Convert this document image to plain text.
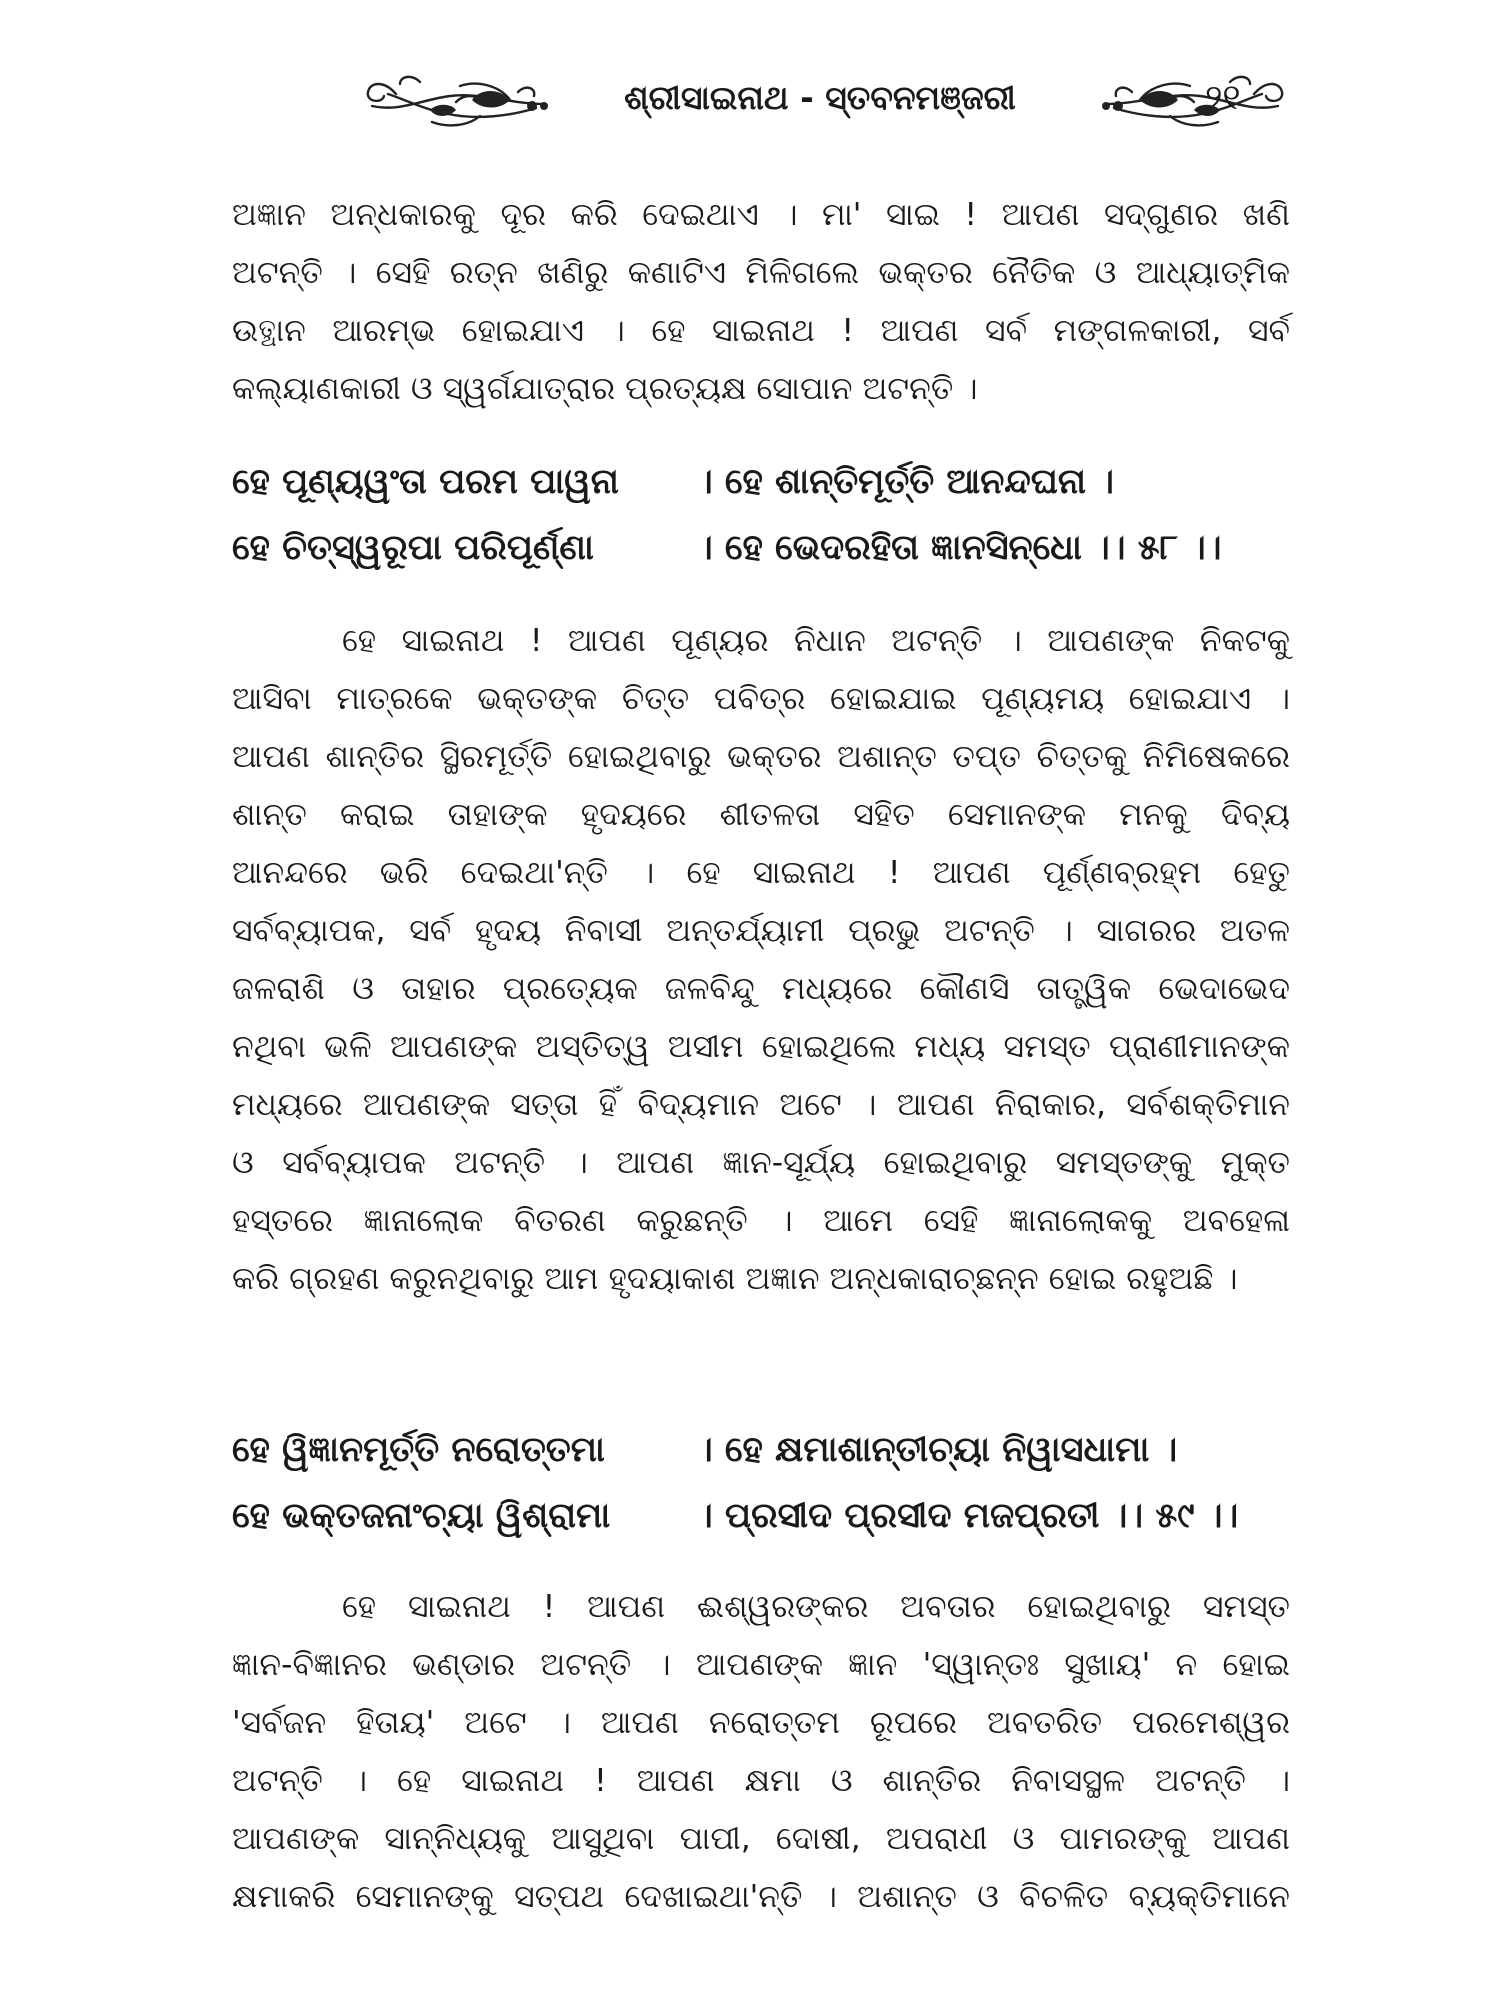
ଶ୍ରୀସାଇନାଥ - ସ୍ତବନମଞ୍ଜରୀ	୨୧
ଅଜ୍ଞାନ ଅନ୍ଧକାରକୁ ଦୂର କରି ଦେଇଥାଏ । ମା' ସାଇ ! ଆପଣ ସଦ୍‌ଗୁଣର ଖଣି
ଅଟନ୍ତି । ସେହି ରତ୍ନ ଖଣିରୁ କଣାଟିଏ ମିଳିଗଲେ ଭକ୍ତର ନୈତିକ ଓ ଆଧ୍ୟାତ୍ମିକ
ଉତ୍ଥାନ ଆରମ୍ଭ ହୋଇଯାଏ । ହେ ସାଇନାଥ ! ଆପଣ ସର୍ବ ମଙ୍ଗଳକାରୀ, ସର୍ବ
କଲ୍ୟାଣକାରୀ ଓ ସ୍ୱର୍ଗଯାତ୍ରାର ପ୍ରତ୍ୟକ୍ଷ ସୋପାନ ଅଟନ୍ତି ।
ହେ ପୂଣ୍ୟୱଂତା ପରମ ପାୱନା । ହେ ଶାନ୍ତିମୂର୍ତ୍ତି ଆନନ୍ଦଘନା ।
ହେ ଚିତ୍‌ସ୍ୱରୂପା ପରିପୂର୍ଣ୍ଣା	। ହେ ଭେଦରହିତା ଜ୍ଞାନସିନ୍ଧୋ ।। ୫୮ ।।
ହେ ସାଇନାଥ ! ଆପଣ ପୂଣ୍ୟର ନିଧାନ ଅଟନ୍ତି । ଆପଣଙ୍କ ନିକଟକୁ
ଆସିବା ମାତ୍ରକେ ଭକ୍ତଙ୍କ ଚିତ୍ତ ପବିତ୍ର ହୋଇଯାଇ ପୂଣ୍ୟମୟ ହୋଇଯାଏ ।
ଆପଣ ଶାନ୍ତିର ସ୍ଥିରମୂର୍ତ୍ତି ହୋଇଥିବାରୁ ଭକ୍ତର ଅଶାନ୍ତ ତପ୍ତ ଚିତ୍ତକୁ ନିମିଷେକରେ
ଶାନ୍ତ କରାଇ ତାହାଙ୍କ ହୃଦୟରେ ଶୀତଳତା ସହିତ ସେମାନଙ୍କ ମନକୁ ଦିବ୍ୟ
ଆନନ୍ଦରେ ଭରି ଦେଇଥା'ନ୍ତି । ହେ ସାଇନାଥ ! ଆପଣ ପୂର୍ଣ୍ଣବ୍ରହ୍ମ ହେତୁ
ସର୍ବବ୍ୟାପକ, ସର୍ବ ହୃଦୟ ନିବାସୀ ଅନ୍ତର୍ଯ୍ୟାମୀ ପ୍ରଭୁ ଅଟନ୍ତି । ସାଗରର ଅତଳ
ଜଳରାଶି ଓ ତାହାର ପ୍ରତ୍ୟେକ ଜଳବିନ୍ଦୁ ମଧ୍ୟରେ କୌଣସି ତାତ୍ତ୍ୱିକ ଭେଦାଭେଦ
ନଥିବା ଭଳି ଆପଣଙ୍କ ଅସ୍ତିତ୍ୱ ଅସୀମ ହୋଇଥିଲେ ମଧ୍ୟ ସମସ୍ତ ପ୍ରାଣୀମାନଙ୍କ
ମଧ୍ୟରେ ଆପଣଙ୍କ ସତ୍ତା ହିଁ ବିଦ୍ୟମାନ ଅଟେ । ଆପଣ ନିରାକାର, ସର୍ବଶକ୍ତିମାନ
ଓ ସର୍ବବ୍ୟାପକ ଅଟନ୍ତି । ଆପଣ ଜ୍ଞାନ-ସୂର୍ଯ୍ୟ ହୋଇଥିବାରୁ ସମସ୍ତଙ୍କୁ ମୁକ୍ତ
ହସ୍ତରେ ଜ୍ଞାନାଲୋକ ବିତରଣ କରୁଛନ୍ତି । ଆମେ ସେହି ଜ୍ଞାନାଲୋକକୁ ଅବହେଳା
କରି ଗ୍ରହଣ କରୁନଥିବାରୁ ଆମ ହୃଦୟାକାଶ ଅଜ୍ଞାନ ଅନ୍ଧକାରାଚ୍ଛନ୍ନ ହୋଇ ରହୁଅଛି ।
ହେ ୱିଜ୍ଞାନମୂର୍ତ୍ତି ନରୋତ୍ତମା	। ହେ କ୍ଷମାଶାନ୍ତୀଚ୍ୟା ନିୱାସଧାମା ।
ହେ ଭକ୍ତଜନାଂଚ୍ୟା ୱିଶ୍ରାମା । ପ୍ରସୀଦ ପ୍ରସୀଦ ମଜପ୍ରତୀ ।। ୫୯ ।।
ହେ ସାଇନାଥ ! ଆପଣ ଈଶ୍ୱରଙ୍କର ଅବତାର ହୋଇଥିବାରୁ ସମସ୍ତ
ଜ୍ଞାନ-ବିଜ୍ଞାନର ଭଣ୍ଡାର ଅଟନ୍ତି । ଆପଣଙ୍କ ଜ୍ଞାନ 'ସ୍ୱାନ୍ତଃ ସୁଖାୟ' ନ ହୋଇ
'ସର୍ବଜନ ହିତାୟ' ଅଟେ । ଆପଣ ନରୋତ୍ତମ ରୂପରେ ଅବତରିତ ପରମେଶ୍ୱର
ଅଟନ୍ତି । ହେ ସାଇନାଥ ! ଆପଣ କ୍ଷମା ଓ ଶାନ୍ତିର ନିବାସସ୍ଥଳ ଅଟନ୍ତି ।
ଆପଣଙ୍କ ସାନ୍ନିଧ୍ୟକୁ ଆସୁଥିବା ପାପୀ, ଦୋଷୀ, ଅପରାଧୀ ଓ ପାମରଙ୍କୁ ଆପଣ
କ୍ଷମାକରି ସେମାନଙ୍କୁ ସତ୍‌ପଥ ଦେଖାଇଥା'ନ୍ତି । ଅଶାନ୍ତ ଓ ବିଚଳିତ ବ୍ୟକ୍ତିମାନେ
